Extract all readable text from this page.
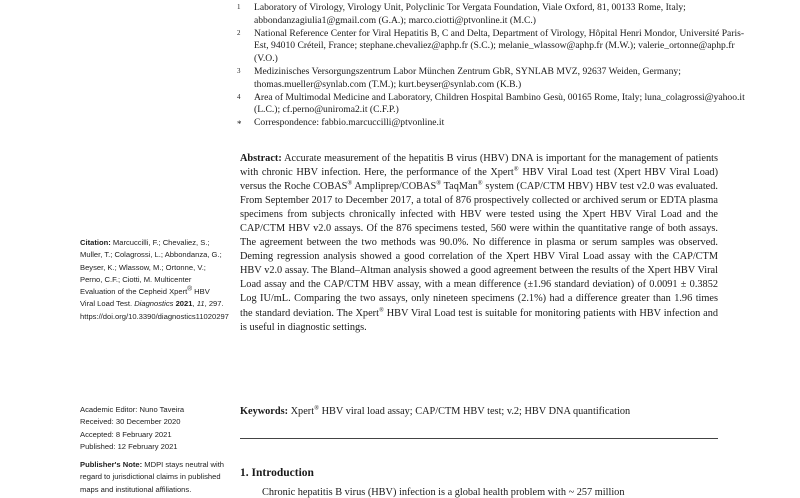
1 Laboratory of Virology, Virology Unit, Polyclinic Tor Vergata Foundation, Viale Oxford, 81, 00133 Rome, Italy; abbondanzagiulia1@gmail.com (G.A.); marco.ciotti@ptvonline.it (M.C.)
2 National Reference Center for Viral Hepatitis B, C and Delta, Department of Virology, Hôpital Henri Mondor, Université Paris-Est, 94010 Créteil, France; stephane.chevaliez@aphp.fr (S.C.); melanie_wlassow@aphp.fr (M.W.); valerie_ortonne@aphp.fr (V.O.)
3 Medizinisches Versorgungszentrum Labor München Zentrum GbR, SYNLAB MVZ, 92637 Weiden, Germany; thomas.mueller@synlab.com (T.M.); kurt.beyser@synlab.com (K.B.)
4 Area of Multimodal Medicine and Laboratory, Children Hospital Bambino Gesù, 00165 Rome, Italy; luna_colagrossi@yahoo.it (L.C.); cf.perno@uniroma2.it (C.F.P.)
* Correspondence: fabbio.marcuccilli@ptvonline.it
Abstract: Accurate measurement of the hepatitis B virus (HBV) DNA is important for the management of patients with chronic HBV infection. Here, the performance of the Xpert® HBV Viral Load test (Xpert HBV Viral Load) versus the Roche COBAS® Ampliprep/COBAS® TaqMan® system (CAP/CTM HBV) HBV test v2.0 was evaluated. From September 2017 to December 2017, a total of 876 prospectively collected or archived serum or EDTA plasma specimens from subjects chronically infected with HBV were tested using the Xpert HBV Viral Load and the CAP/CTM HBV v2.0 assays. Of the 876 specimens tested, 560 were within the quantitative range of both assays. The agreement between the two methods was 90.0%. No difference in plasma or serum samples was observed. Deming regression analysis showed a good correlation of the Xpert HBV Viral Load assay with the CAP/CTM HBV v2.0 assay. The Bland–Altman analysis showed a good agreement between the results of the Xpert HBV Viral Load assay and the CAP/CTM HBV assay, with a mean difference (±1.96 standard deviation) of 0.0091 ± 0.3852 Log IU/mL. Comparing the two assays, only nineteen specimens (2.1%) had a difference greater than 1.96 times the standard deviation. The Xpert® HBV Viral Load test is suitable for monitoring patients with HBV infection and is useful in diagnostic settings.
Keywords: Xpert® HBV viral load assay; CAP/CTM HBV test; v.2; HBV DNA quantification
1. Introduction
Chronic hepatitis B virus (HBV) infection is a global health problem with ~ 257 million
Citation: Marcuccilli, F.; Chevaliez, S.; Muller, T.; Colagrossi, L.; Abbondanza, G.; Beyser, K.; Wlassow, M.; Ortonne, V.; Perno, C.F.; Ciotti, M. Multicenter Evaluation of the Cepheid Xpert® HBV Viral Load Test. Diagnostics 2021, 11, 297. https://doi.org/10.3390/diagnostics11020297
Academic Editor: Nuno Taveira
Received: 30 December 2020
Accepted: 8 February 2021
Published: 12 February 2021
Publisher's Note: MDPI stays neutral with regard to jurisdictional claims in published maps and institutional affiliations.
